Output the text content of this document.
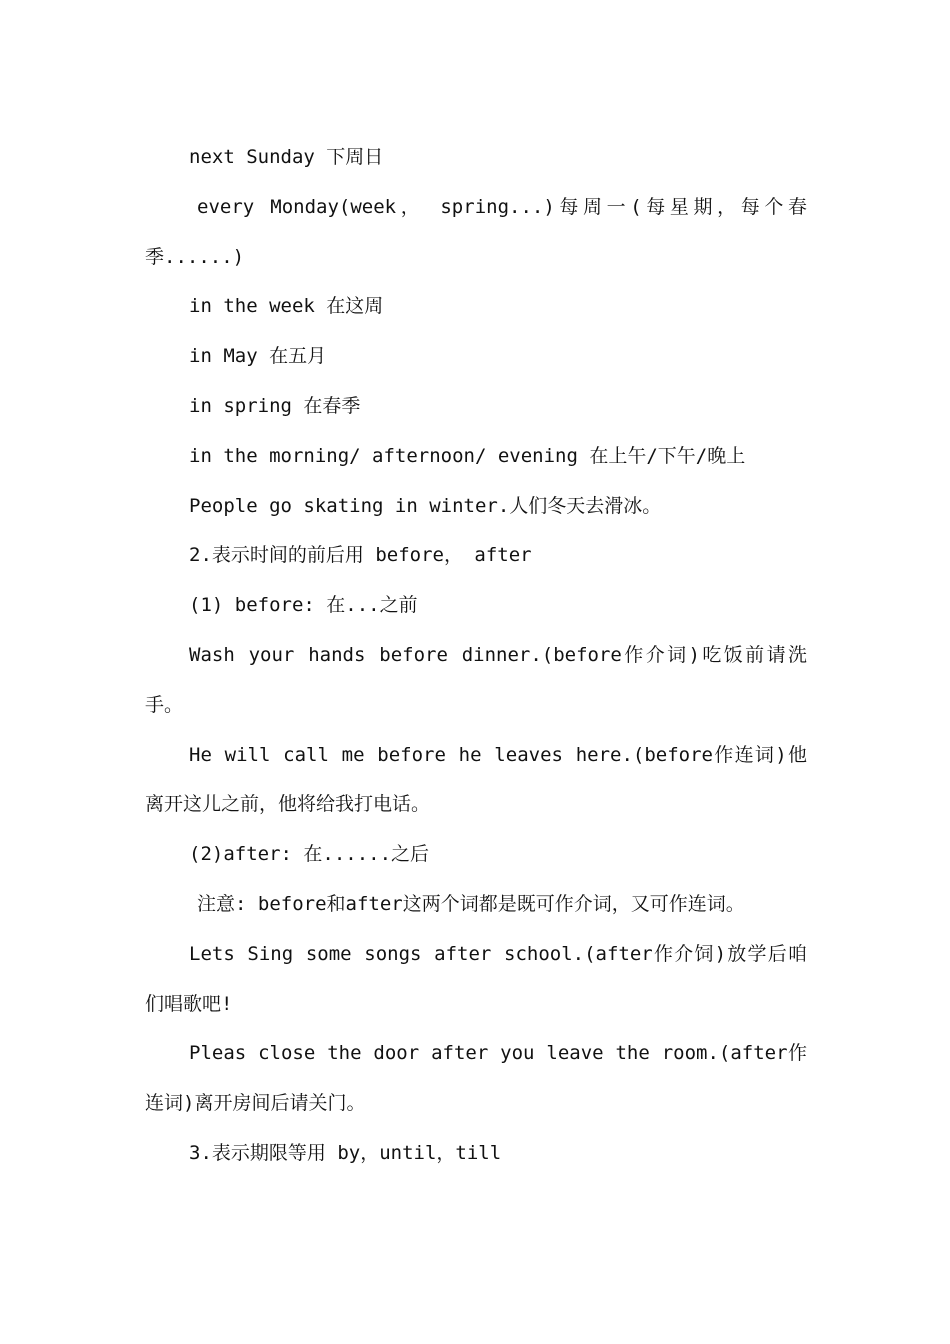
next Sunday 下周日

every Monday(week， spring...)每周一(每星期，每个春季......)

in the week 在这周

in May 在五月

in spring 在春季

in the morning/ afternoon/ evening 在上午/下午/晚上

People go skating in winter.人们冬天去滑冰。

2.表示时间的前后用 before， after

(1) before: 在...之前

Wash your hands before dinner.(before作介词)吃饭前请洗手。

He will call me before he leaves here.(before作连词)他离开这儿之前，他将给我打电话。

(2)after: 在......之后

注意: before和after这两个词都是既可作介词，又可作连词。

Lets Sing some songs after school.(after作介饲)放学后咱们唱歌吧!

Pleas close the door after you leave the room.(after作连词)离开房间后请关门。

3.表示期限等用 by，until，till
